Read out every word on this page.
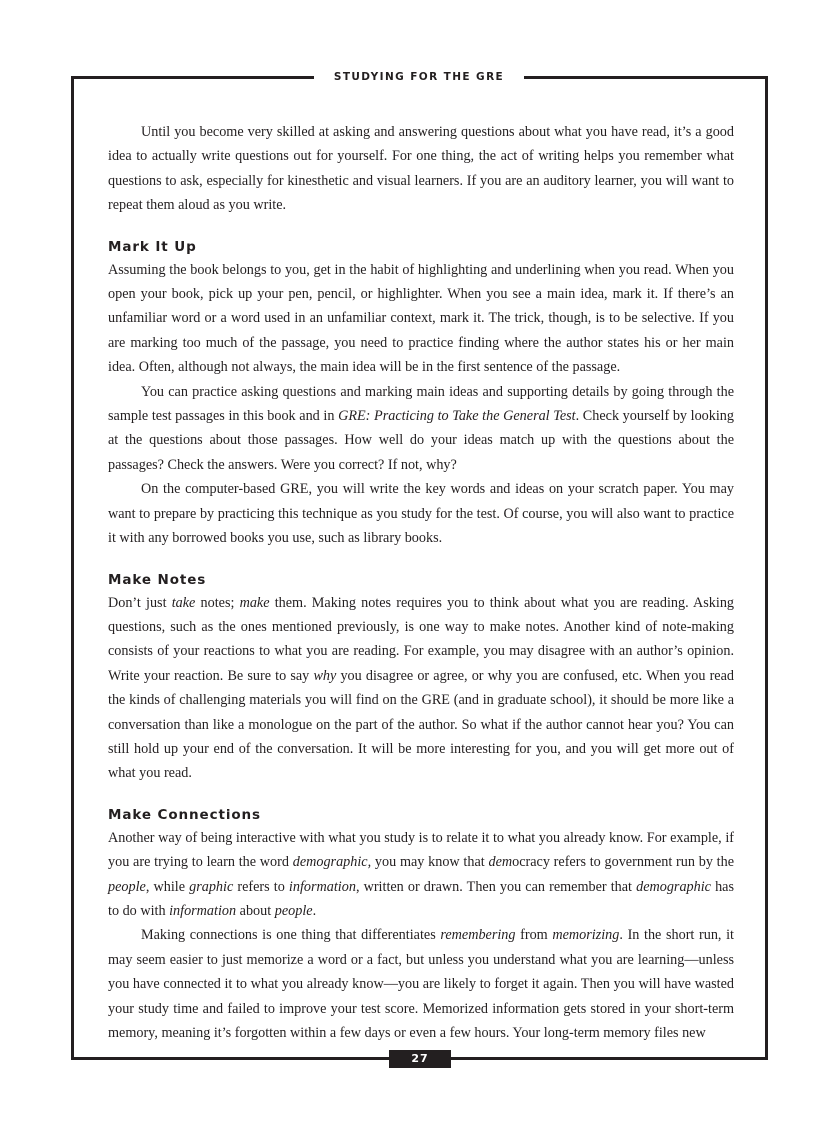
STUDYING FOR THE GRE

Until you become very skilled at asking and answering questions about what you have read, it’s a good idea to actually write questions out for yourself. For one thing, the act of writing helps you remember what questions to ask, especially for kinesthetic and visual learners. If you are an auditory learner, you will want to repeat them aloud as you write.

Mark It Up

Assuming the book belongs to you, get in the habit of highlighting and underlining when you read. When you open your book, pick up your pen, pencil, or highlighter. When you see a main idea, mark it. If there’s an unfamiliar word or a word used in an unfamiliar context, mark it. The trick, though, is to be selective. If you are marking too much of the passage, you need to practice finding where the author states his or her main idea. Often, although not always, the main idea will be in the first sentence of the passage.

You can practice asking questions and marking main ideas and supporting details by going through the sample test passages in this book and in GRE: Practicing to Take the General Test. Check yourself by looking at the questions about those passages. How well do your ideas match up with the questions about the passages? Check the answers. Were you correct? If not, why?

On the computer-based GRE, you will write the key words and ideas on your scratch paper. You may want to prepare by practicing this technique as you study for the test. Of course, you will also want to practice it with any borrowed books you use, such as library books.

Make Notes

Don’t just take notes; make them. Making notes requires you to think about what you are reading. Asking questions, such as the ones mentioned previously, is one way to make notes. Another kind of note-making consists of your reactions to what you are reading. For example, you may disagree with an author’s opinion. Write your reaction. Be sure to say why you disagree or agree, or why you are confused, etc. When you read the kinds of challenging materials you will find on the GRE (and in graduate school), it should be more like a conversation than like a monologue on the part of the author. So what if the author cannot hear you? You can still hold up your end of the conversation. It will be more interesting for you, and you will get more out of what you read.

Make Connections

Another way of being interactive with what you study is to relate it to what you already know. For example, if you are trying to learn the word demographic, you may know that democracy refers to government run by the people, while graphic refers to information, written or drawn. Then you can remember that demographic has to do with information about people.

Making connections is one thing that differentiates remembering from memorizing. In the short run, it may seem easier to just memorize a word or a fact, but unless you understand what you are learning—unless you have connected it to what you already know—you are likely to forget it again. Then you will have wasted your study time and failed to improve your test score. Memorized information gets stored in your short-term memory, meaning it’s forgotten within a few days or even a few hours. Your long-term memory files new

27
